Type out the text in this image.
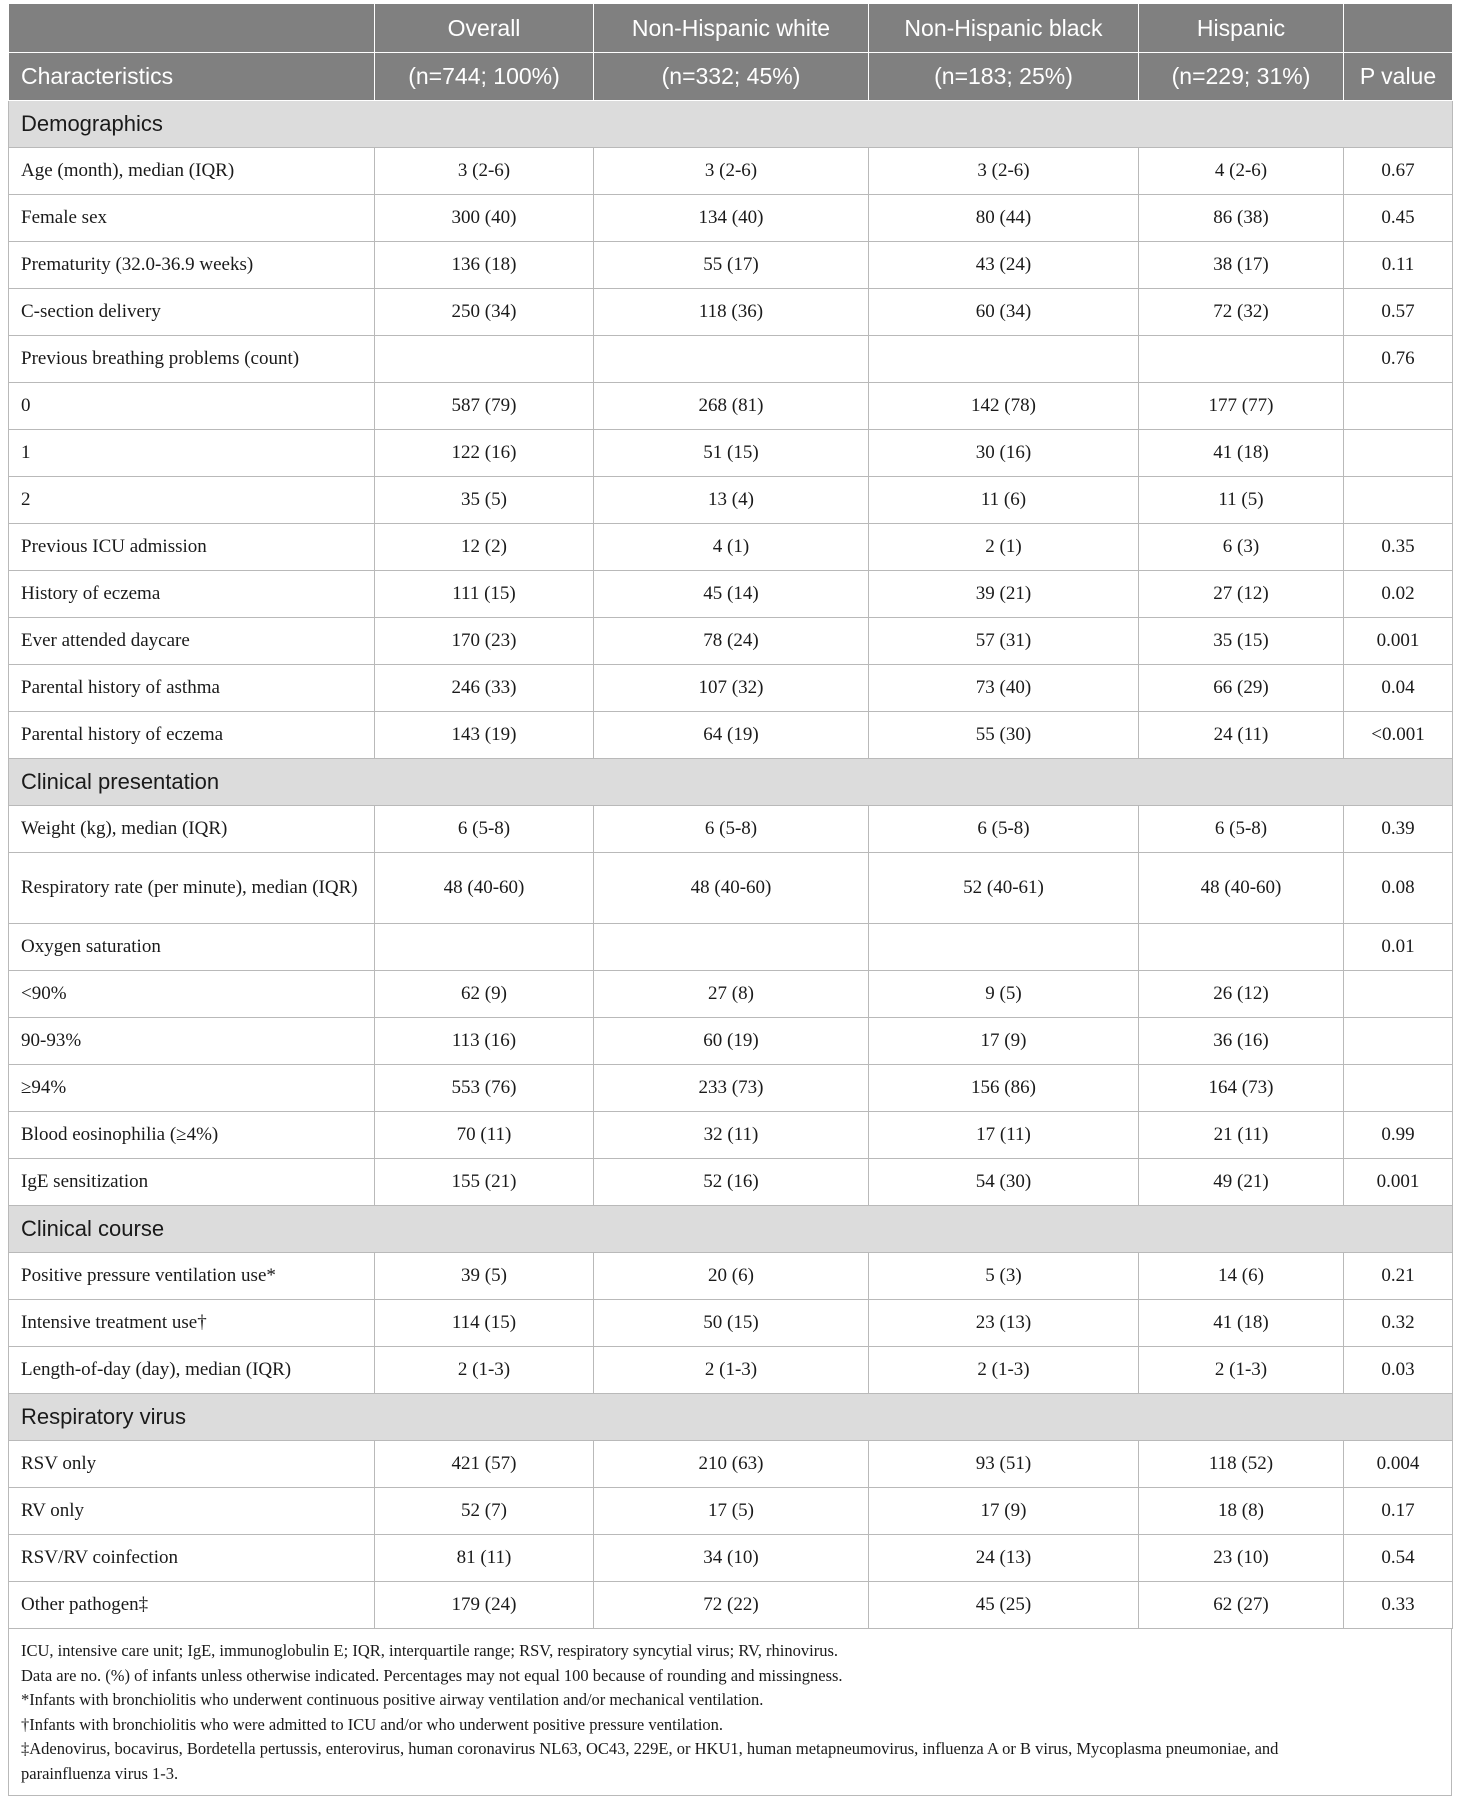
	Overall	Non-Hispanic white	Non-Hispanic black	Hispanic	
Characteristics	(n=744; 100%)	(n=332; 45%)	(n=183; 25%)	(n=229; 31%)	P value
Demographics					
Age (month), median (IQR)	3 (2-6)	3 (2-6)	3 (2-6)	4 (2-6)	0.67
Female sex	300 (40)	134 (40)	80 (44)	86 (38)	0.45
Prematurity (32.0-36.9 weeks)	136 (18)	55 (17)	43 (24)	38 (17)	0.11
C-section delivery	250 (34)	118 (36)	60 (34)	72 (32)	0.57
Previous breathing problems (count)					0.76
0	587 (79)	268 (81)	142 (78)	177 (77)	
1	122 (16)	51 (15)	30 (16)	41 (18)	
2	35 (5)	13 (4)	11 (6)	11 (5)	
Previous ICU admission	12 (2)	4 (1)	2 (1)	6 (3)	0.35
History of eczema	111 (15)	45 (14)	39 (21)	27 (12)	0.02
Ever attended daycare	170 (23)	78 (24)	57 (31)	35 (15)	0.001
Parental history of asthma	246 (33)	107 (32)	73 (40)	66 (29)	0.04
Parental history of eczema	143 (19)	64 (19)	55 (30)	24 (11)	<0.001
Clinical presentation					
Weight (kg), median (IQR)	6 (5-8)	6 (5-8)	6 (5-8)	6 (5-8)	0.39
Respiratory rate (per minute), median (IQR)	48 (40-60)	48 (40-60)	52 (40-61)	48 (40-60)	0.08
Oxygen saturation					0.01
<90%	62 (9)	27 (8)	9 (5)	26 (12)	
90-93%	113 (16)	60 (19)	17 (9)	36 (16)	
≥94%	553 (76)	233 (73)	156 (86)	164 (73)	
Blood eosinophilia (≥4%)	70 (11)	32 (11)	17 (11)	21 (11)	0.99
IgE sensitization	155 (21)	52 (16)	54 (30)	49 (21)	0.001
Clinical course					
Positive pressure ventilation use*	39 (5)	20 (6)	5 (3)	14 (6)	0.21
Intensive treatment use†	114 (15)	50 (15)	23 (13)	41 (18)	0.32
Length-of-day (day), median (IQR)	2 (1-3)	2 (1-3)	2 (1-3)	2 (1-3)	0.03
Respiratory virus					
RSV only	421 (57)	210 (63)	93 (51)	118 (52)	0.004
RV only	52 (7)	17 (5)	17 (9)	18 (8)	0.17
RSV/RV coinfection	81 (11)	34 (10)	24 (13)	23 (10)	0.54
Other pathogen‡	179 (24)	72 (22)	45 (25)	62 (27)	0.33
ICU, intensive care unit; IgE, immunoglobulin E; IQR, interquartile range; RSV, respiratory syncytial virus; RV, rhinovirus.
Data are no. (%) of infants unless otherwise indicated. Percentages may not equal 100 because of rounding and missingness.
*Infants with bronchiolitis who underwent continuous positive airway ventilation and/or mechanical ventilation.
†Infants with bronchiolitis who were admitted to ICU and/or who underwent positive pressure ventilation.
‡Adenovirus, bocavirus, Bordetella pertussis, enterovirus, human coronavirus NL63, OC43, 229E, or HKU1, human metapneumovirus, influenza A or B virus, Mycoplasma pneumoniae, and
parainfluenza virus 1-3.
